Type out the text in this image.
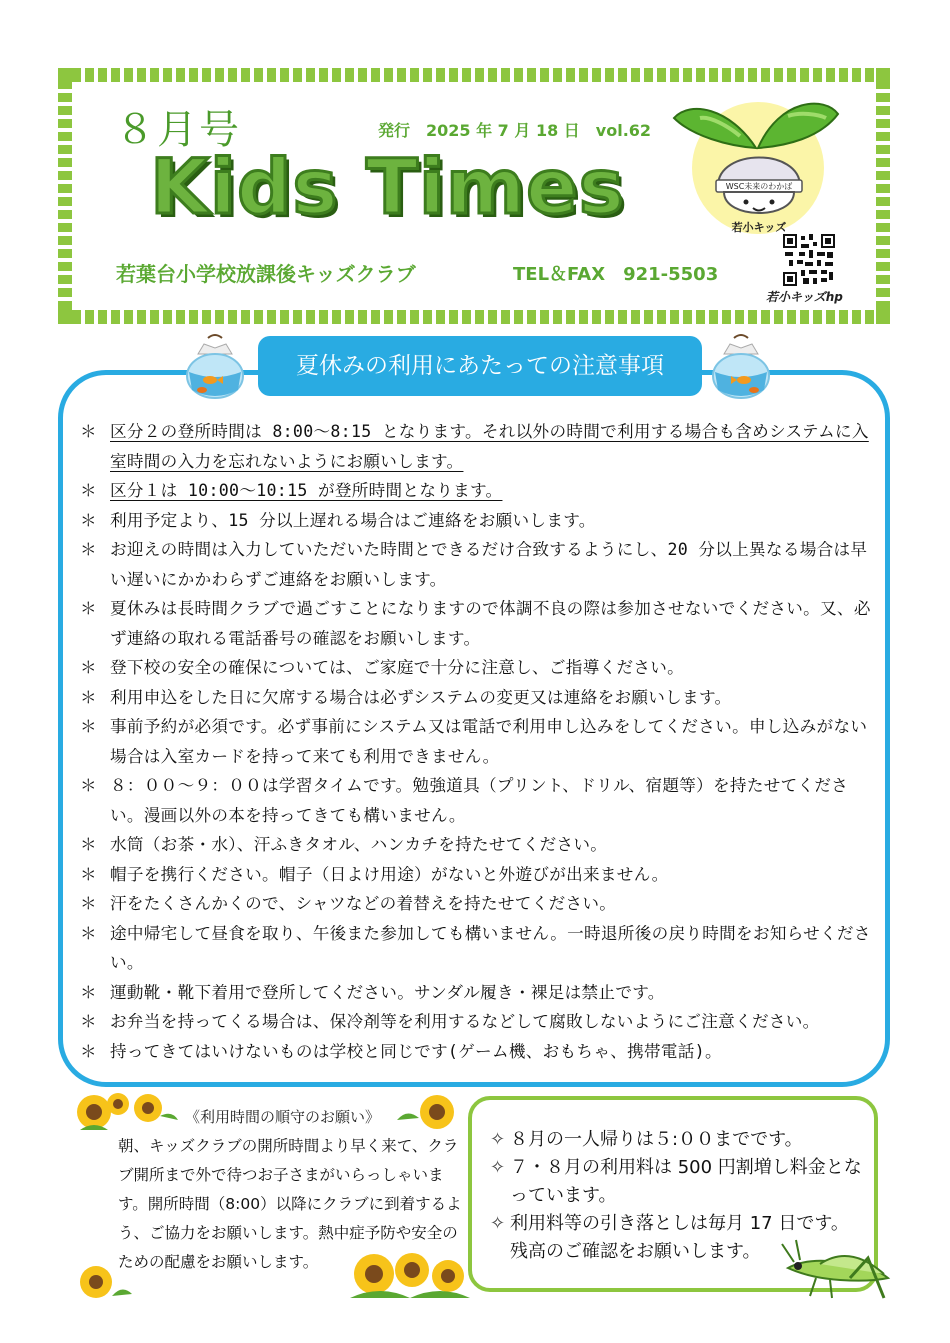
８月号	発行　2025 年 7 月 18 日　vol.62
Kids Times
若葉台小学校放課後キッズクラブ	TEL＆FAX　921-5503
WSC未来のわかば
若小キッズ
若小キッズhp
夏休みの利用にあたっての注意事項
＊ 区分２の登所時間は 8:00〜8:15 となります。それ以外の時間で利用する場合も含めシステムに入室時間の入力を忘れないようにお願いします。
＊ 区分１は 10:00〜10:15 が登所時間となります。
＊ 利用予定より、15 分以上遅れる場合はご連絡をお願いします。
＊ お迎えの時間は入力していただいた時間とできるだけ合致するようにし、20 分以上異なる場合は早い遅いにかかわらずご連絡をお願いします。
＊ 夏休みは長時間クラブで過ごすことになりますので体調不良の際は参加させないでください。又、必ず連絡の取れる電話番号の確認をお願いします。
＊ 登下校の安全の確保については、ご家庭で十分に注意し、ご指導ください。
＊ 利用申込をした日に欠席する場合は必ずシステムの変更又は連絡をお願いします。
＊ 事前予約が必須です。必ず事前にシステム又は電話で利用申し込みをしてください。申し込みがない場合は入室カードを持って来ても利用できません。
＊ ８：００〜９：００は学習タイムです。勉強道具（プリント、ドリル、宿題等）を持たせてください。漫画以外の本を持ってきても構いません。
＊ 水筒（お茶・水）、汗ふきタオル、ハンカチを持たせてください。
＊ 帽子を携行ください。帽子（日よけ用途）がないと外遊びが出来ません。
＊ 汗をたくさんかくので、シャツなどの着替えを持たせてください。
＊ 途中帰宅して昼食を取り、午後また参加しても構いません。一時退所後の戻り時間をお知らせください。
＊ 運動靴・靴下着用で登所してください。サンダル履き・裸足は禁止です。
＊ お弁当を持ってくる場合は、保冷剤等を利用するなどして腐敗しないようにご注意ください。
＊ 持ってきてはいけないものは学校と同じです(ゲーム機、おもちゃ、携帯電話)。
《利用時間の順守のお願い》
朝、キッズクラブの開所時間より早く来て、クラブ開所まで外で待つお子さまがいらっしゃいます。開所時間（8:00）以降にクラブに到着するよう、ご協力をお願いします。熱中症予防や安全のための配慮をお願いします。
✧ ８月の一人帰りは５:００までです。
✧ ７・８月の利用料は 500 円割増し料金となっています。
✧ 利用料等の引き落としは毎月 17 日です。残高のご確認をお願いします。
